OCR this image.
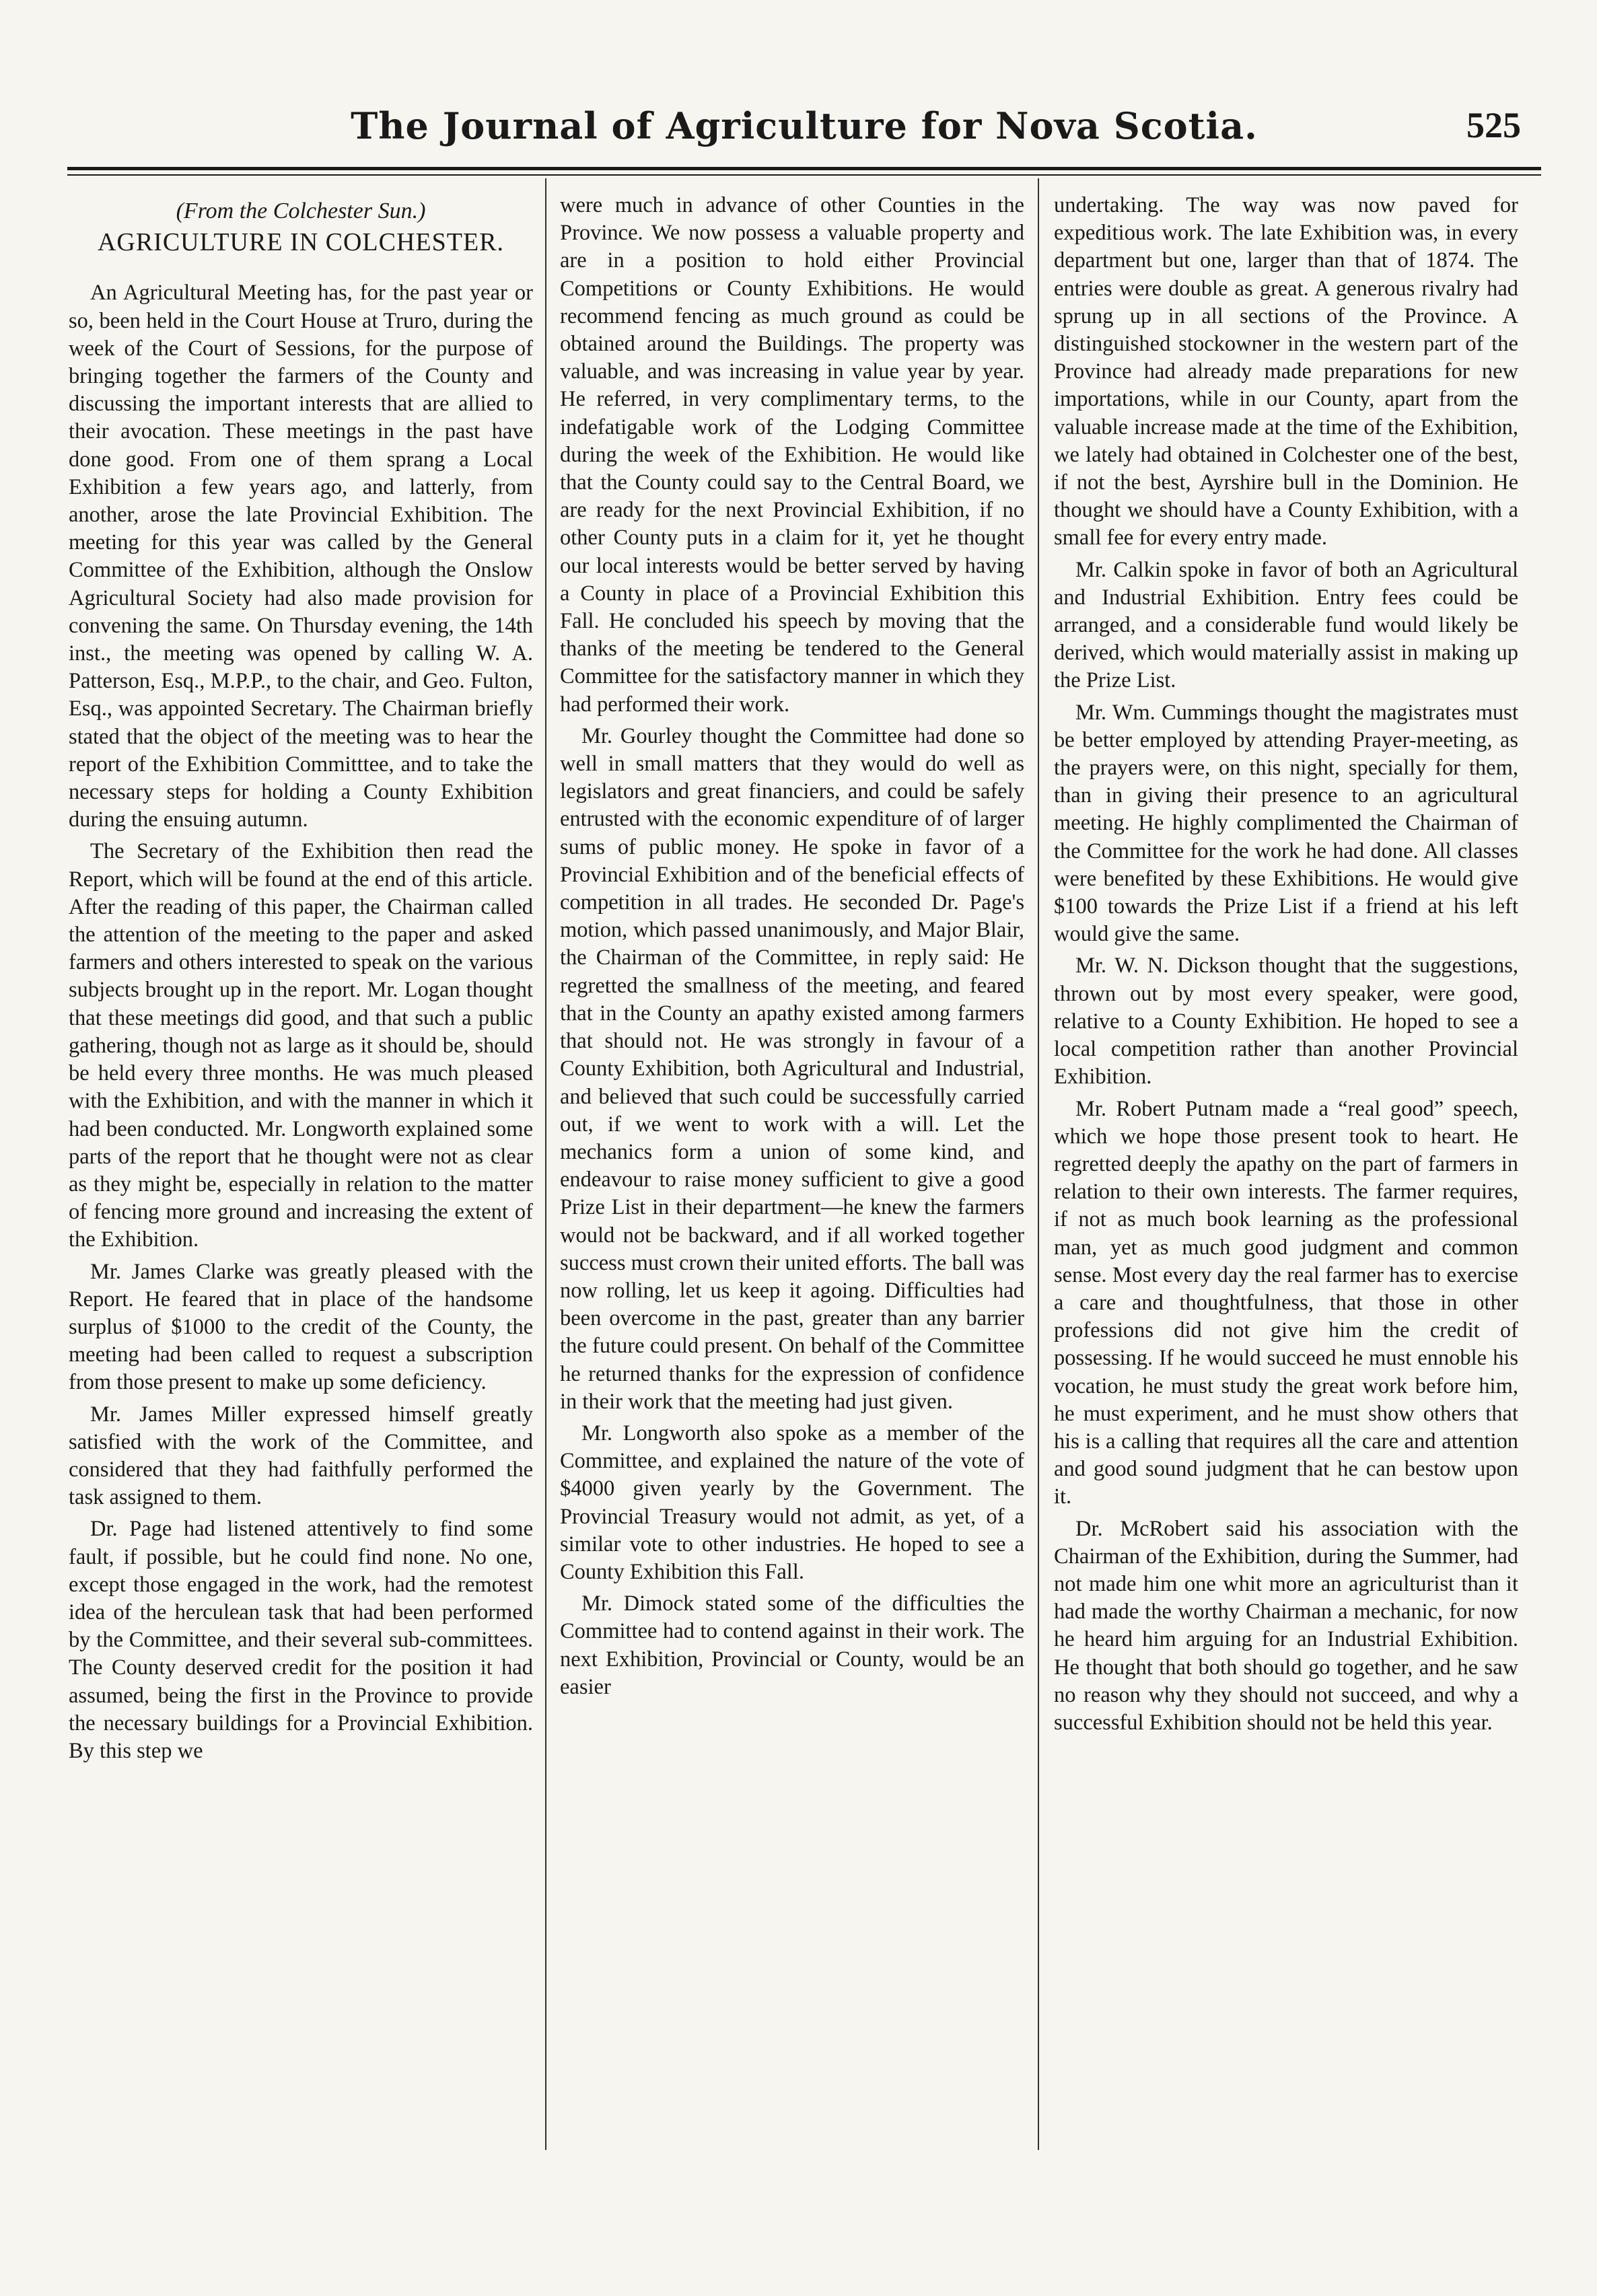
The Journal of Agriculture for Nova Scotia.	525
(From the Colchester Sun.)
AGRICULTURE IN COLCHESTER.

An Agricultural Meeting has, for the past year or so, been held in the Court House at Truro, during the week of the Court of Sessions, for the purpose of bringing together the farmers of the County and discussing the important interests that are allied to their avocation. These meetings in the past have done good. From one of them sprang a Local Exhibition a few years ago, and latterly, from another, arose the late Provincial Exhibition. The meeting for this year was called by the General Committee of the Exhibition, although the Onslow Agricultural Society had also made provision for convening the same. On Thursday evening, the 14th inst., the meeting was opened by calling W. A. Patterson, Esq., M.P.P., to the chair, and Geo. Fulton, Esq., was appointed Secretary. The Chairman briefly stated that the object of the meeting was to hear the report of the Exhibition Committtee, and to take the necessary steps for holding a County Exhibition during the ensuing autumn.

The Secretary of the Exhibition then read the Report, which will be found at the end of this article. After the reading of this paper, the Chairman called the attention of the meeting to the paper and asked farmers and others interested to speak on the various subjects brought up in the report. Mr. Logan thought that these meetings did good, and that such a public gathering, though not as large as it should be, should be held every three months. He was much pleased with the Exhibition, and with the manner in which it had been conducted. Mr. Longworth explained some parts of the report that he thought were not as clear as they might be, especially in relation to the matter of fencing more ground and increasing the extent of the Exhibition.

Mr. James Clarke was greatly pleased with the Report. He feared that in place of the handsome surplus of $1000 to the credit of the County, the meeting had been called to request a subscription from those present to make up some deficiency.

Mr. James Miller expressed himself greatly satisfied with the work of the Committee, and considered that they had faithfully performed the task assigned to them.

Dr. Page had listened attentively to find some fault, if possible, but he could find none. No one, except those engaged in the work, had the remotest idea of the herculean task that had been performed by the Committee, and their several sub-committees. The County deserved credit for the position it had assumed, being the first in the Province to provide the necessary buildings for a Provincial Exhibition. By this step we

were much in advance of other Counties in the Province. We now possess a valuable property and are in a position to hold either Provincial Competitions or County Exhibitions. He would recommend fencing as much ground as could be obtained around the Buildings. The property was valuable, and was increasing in value year by year. He referred, in very complimentary terms, to the indefatigable work of the Lodging Committee during the week of the Exhibition. He would like that the County could say to the Central Board, we are ready for the next Provincial Exhibition, if no other County puts in a claim for it, yet he thought our local interests would be better served by having a County in place of a Provincial Exhibition this Fall. He concluded his speech by moving that the thanks of the meeting be tendered to the General Committee for the satisfactory manner in which they had performed their work.

Mr. Gourley thought the Committee had done so well in small matters that they would do well as legislators and great financiers, and could be safely entrusted with the economic expenditure of of larger sums of public money. He spoke in favor of a Provincial Exhibition and of the beneficial effects of competition in all trades. He seconded Dr. Page's motion, which passed unanimously, and Major Blair, the Chairman of the Committee, in reply said: He regretted the smallness of the meeting, and feared that in the County an apathy existed among farmers that should not. He was strongly in favour of a County Exhibition, both Agricultural and Industrial, and believed that such could be successfully carried out, if we went to work with a will. Let the mechanics form a union of some kind, and endeavour to raise money sufficient to give a good Prize List in their department—he knew the farmers would not be backward, and if all worked together success must crown their united efforts. The ball was now rolling, let us keep it agoing. Difficulties had been overcome in the past, greater than any barrier the future could present. On behalf of the Committee he returned thanks for the expression of confidence in their work that the meeting had just given.

Mr. Longworth also spoke as a member of the Committee, and explained the nature of the vote of $4000 given yearly by the Government. The Provincial Treasury would not admit, as yet, of a similar vote to other industries. He hoped to see a County Exhibition this Fall.

Mr. Dimock stated some of the difficulties the Committee had to contend against in their work. The next Exhibition, Provincial or County, would be an easier

undertaking. The way was now paved for expeditious work. The late Exhibition was, in every department but one, larger than that of 1874. The entries were double as great. A generous rivalry had sprung up in all sections of the Province. A distinguished stockowner in the western part of the Province had already made preparations for new importations, while in our County, apart from the valuable increase made at the time of the Exhibition, we lately had obtained in Colchester one of the best, if not the best, Ayrshire bull in the Dominion. He thought we should have a County Exhibition, with a small fee for every entry made.

Mr. Calkin spoke in favor of both an Agricultural and Industrial Exhibition. Entry fees could be arranged, and a considerable fund would likely be derived, which would materially assist in making up the Prize List.

Mr. Wm. Cummings thought the magistrates must be better employed by attending Prayer-meeting, as the prayers were, on this night, specially for them, than in giving their presence to an agricultural meeting. He highly complimented the Chairman of the Committee for the work he had done. All classes were benefited by these Exhibitions. He would give $100 towards the Prize List if a friend at his left would give the same.

Mr. W. N. Dickson thought that the suggestions, thrown out by most every speaker, were good, relative to a County Exhibition. He hoped to see a local competition rather than another Provincial Exhibition.

Mr. Robert Putnam made a “real good” speech, which we hope those present took to heart. He regretted deeply the apathy on the part of farmers in relation to their own interests. The farmer requires, if not as much book learning as the professional man, yet as much good judgment and common sense. Most every day the real farmer has to exercise a care and thoughtfulness, that those in other professions did not give him the credit of possessing. If he would succeed he must ennoble his vocation, he must study the great work before him, he must experiment, and he must show others that his is a calling that requires all the care and attention and good sound judgment that he can bestow upon it.

Dr. McRobert said his association with the Chairman of the Exhibition, during the Summer, had not made him one whit more an agriculturist than it had made the worthy Chairman a mechanic, for now he heard him arguing for an Industrial Exhibition. He thought that both should go together, and he saw no reason why they should not succeed, and why a successful Exhibition should not be held this year.
